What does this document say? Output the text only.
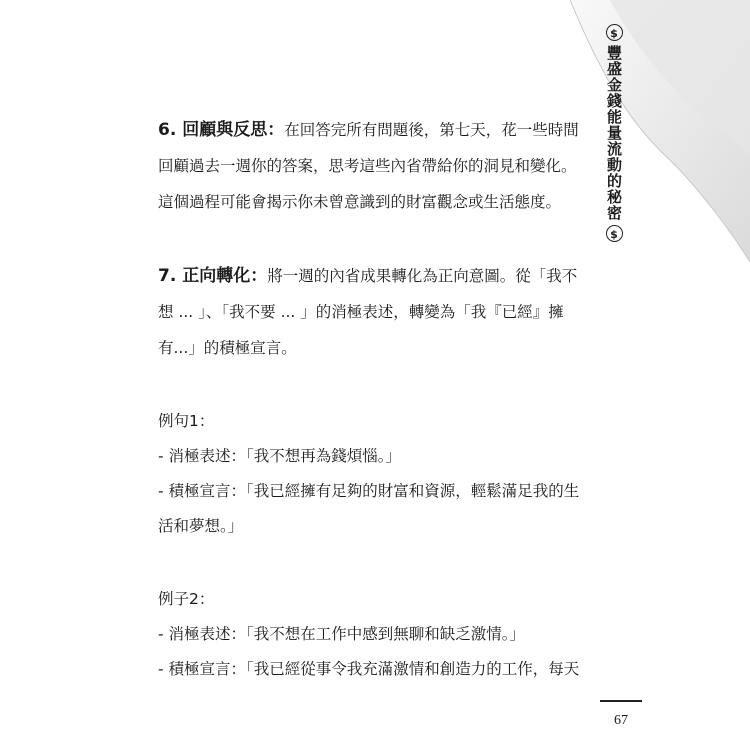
$
豐盛金錢能量流動的秘密
$

6. 回顧與反思：在回答完所有問題後，第七天，花一些時間回顧過去一週你的答案，思考這些內省帶給你的洞見和變化。這個過程可能會揭示你未曾意識到的財富觀念或生活態度。

7. 正向轉化：將一週的內省成果轉化為正向意圖。從「我不想 ... 」、「我不要 ... 」的消極表述，轉變為「我『已經』擁有...」的積極宣言。

例句1：

- 消極表述：「我不想再為錢煩惱。」

- 積極宣言：「我已經擁有足夠的財富和資源，輕鬆滿足我的生活和夢想。」

例子2：

- 消極表述：「我不想在工作中感到無聊和缺乏激情。」

- 積極宣言：「我已經從事令我充滿激情和創造力的工作，每天

67
